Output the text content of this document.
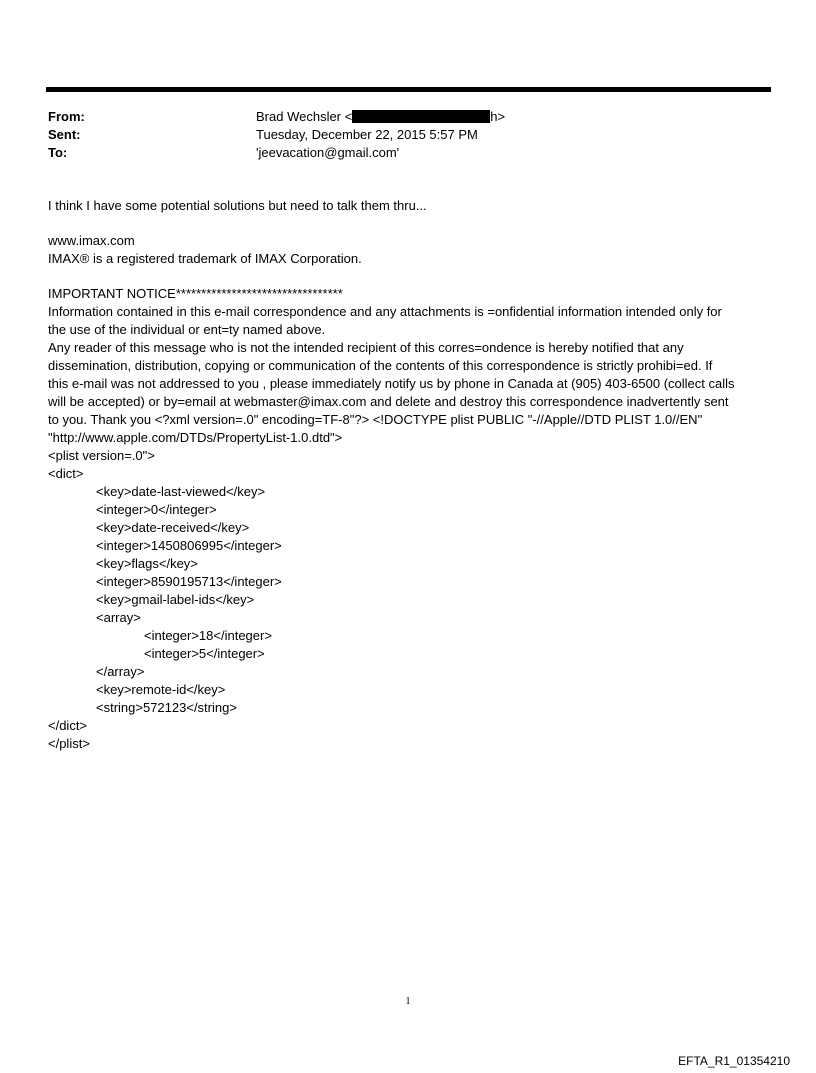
From:	Brad Wechsler <	h>
Sent:	Tuesday, December 22, 2015 5:57 PM
To:	'jeevacation@gmail.com'
I think I have some potential solutions but need to talk them thru...
www.imax.com
IMAX® is a registered trademark of IMAX Corporation.
IMPORTANT NOTICE*********************************
Information contained in this e-mail correspondence and any attachments is =onfidential information intended only for
the use of the individual or ent=ty named above.
Any reader of this message who is not the intended recipient of this corres=ondence is hereby notified that any
dissemination, distribution, copying or communication of the contents of this correspondence is strictly prohibi=ed. If
this e-mail was not addressed to you , please immediately notify us by phone in Canada at (905) 403-6500 (collect calls
will be accepted) or by=email at webmaster@imax.com and delete and destroy this correspondence inadvertently sent
to you. Thank you <?xml version=.0" encoding=TF-8"?> <!DOCTYPE plist PUBLIC "-//Apple//DTD PLIST 1.0//EN"
"http://www.apple.com/DTDs/PropertyList-1.0.dtd">
<plist version=.0">
<dict>
<key>date-last-viewed</key>
<integer>0</integer>
<key>date-received</key>
<integer>1450806995</integer>
<key>flags</key>
<integer>8590195713</integer>
<key>gmail-label-ids</key>
<array>
<integer>18</integer>
<integer>5</integer>
</array>
<key>remote-id</key>
<string>572123</string>
</dict>
</plist>
1
EFTA_R1_01354210
